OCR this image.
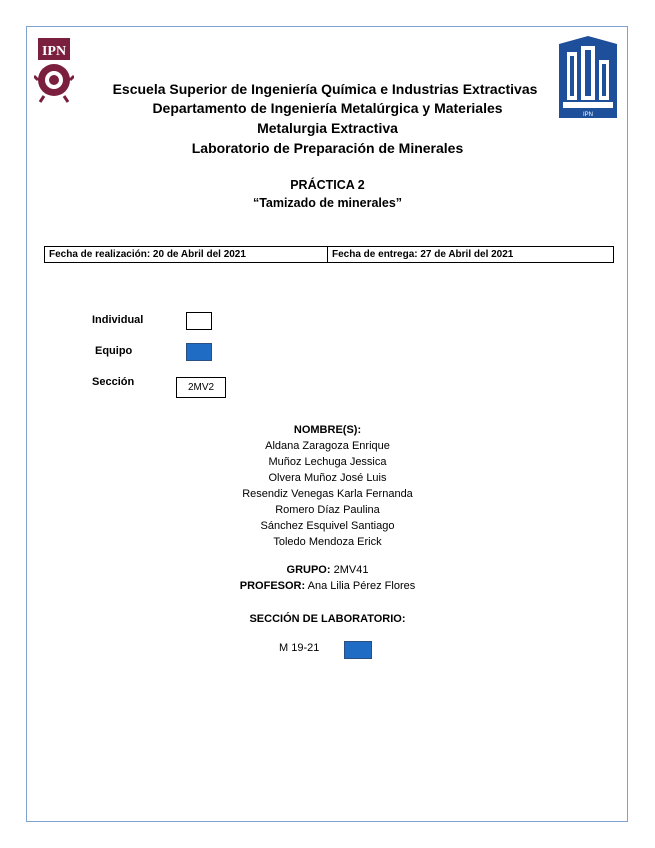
IPN
IPN
Escuela Superior de Ingeniería Química e Industrias Extractivas
Departamento de Ingeniería Metalúrgica y Materiales
Metalurgia Extractiva
Laboratorio de Preparación de Minerales
PRÁCTICA 2
“Tamizado de minerales”
Fecha de realización: 20 de Abril del 2021	Fecha de entrega: 27 de Abril del 2021
Individual
Equipo
Sección	2MV2
NOMBRE(S):
Aldana Zaragoza Enrique
Muñoz Lechuga Jessica
Olvera Muñoz José Luis
Resendiz Venegas Karla Fernanda
Romero Díaz Paulina
Sánchez Esquivel Santiago
Toledo Mendoza Erick
GRUPO: 2MV41
PROFESOR: Ana Lilia Pérez Flores
SECCIÓN DE LABORATORIO:
M 19-21
